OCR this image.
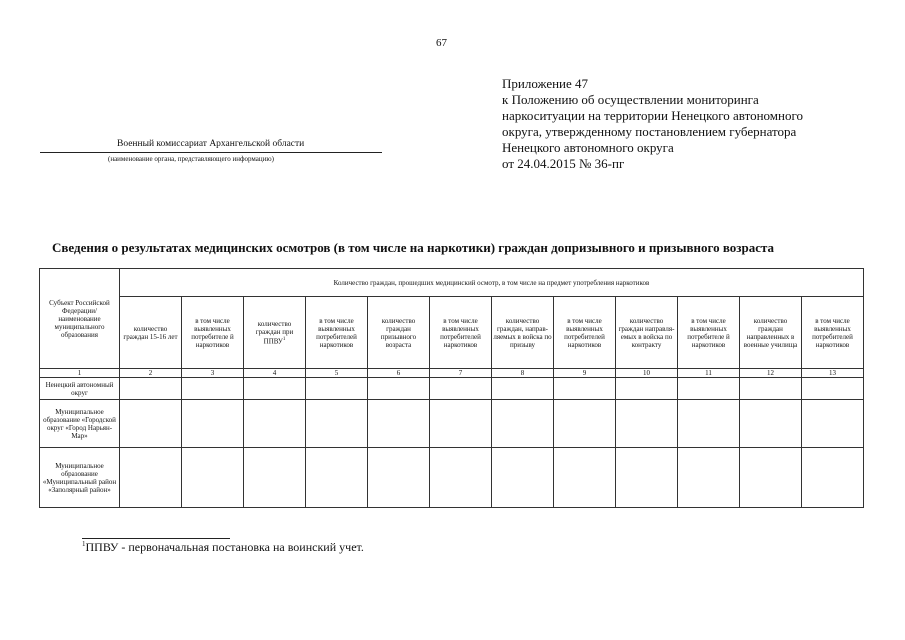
67
Приложение 47
к Положению об осуществлении мониторинга
наркоситуации на территории Ненецкого автономного
округа, утвержденному постановлением губернатора
Ненецкого автономного округа
от 24.04.2015 № 36-пг
Военный комиссариат Архангельской области
(наименование органа, представляющего информацию)
Сведения о результатах медицинских осмотров (в том числе на наркотики) граждан допризывного и призывного возраста
Субъект Российской Федерации/ наименование муниципального образования	Количество граждан, прошедших медицинский осмотр, в том числе на предмет употребления наркотиков											
	количество граждан 15-16 лет	в том числе выявленных потребителе й наркотиков	количество граждан при ППВУ$^1$	в том числе выявленных потребителей наркотиков	количество граждан призывного возраста	в том числе выявленных потребителей наркотиков	количество граждан, направ-ляемых в войска по призыву	в том числе выявленных потребителей наркотиков	количество граждан направля-емых в войска по контракту	в том числе выявленных потребителе й наркотиков	количество граждан направленных в военные училища	в том числе выявленных потребителей наркотиков
1	2	3	4	5	6	7	8	9	10	11	12	13
Ненецкий автономный округ												
Муниципальное образование «Городской округ «Город Нарьян-Мар»												
Муниципальное образование «Муниципальный район «Заполярный район»												
$^1$ППВУ - первоначальная постановка на воинский учет.
